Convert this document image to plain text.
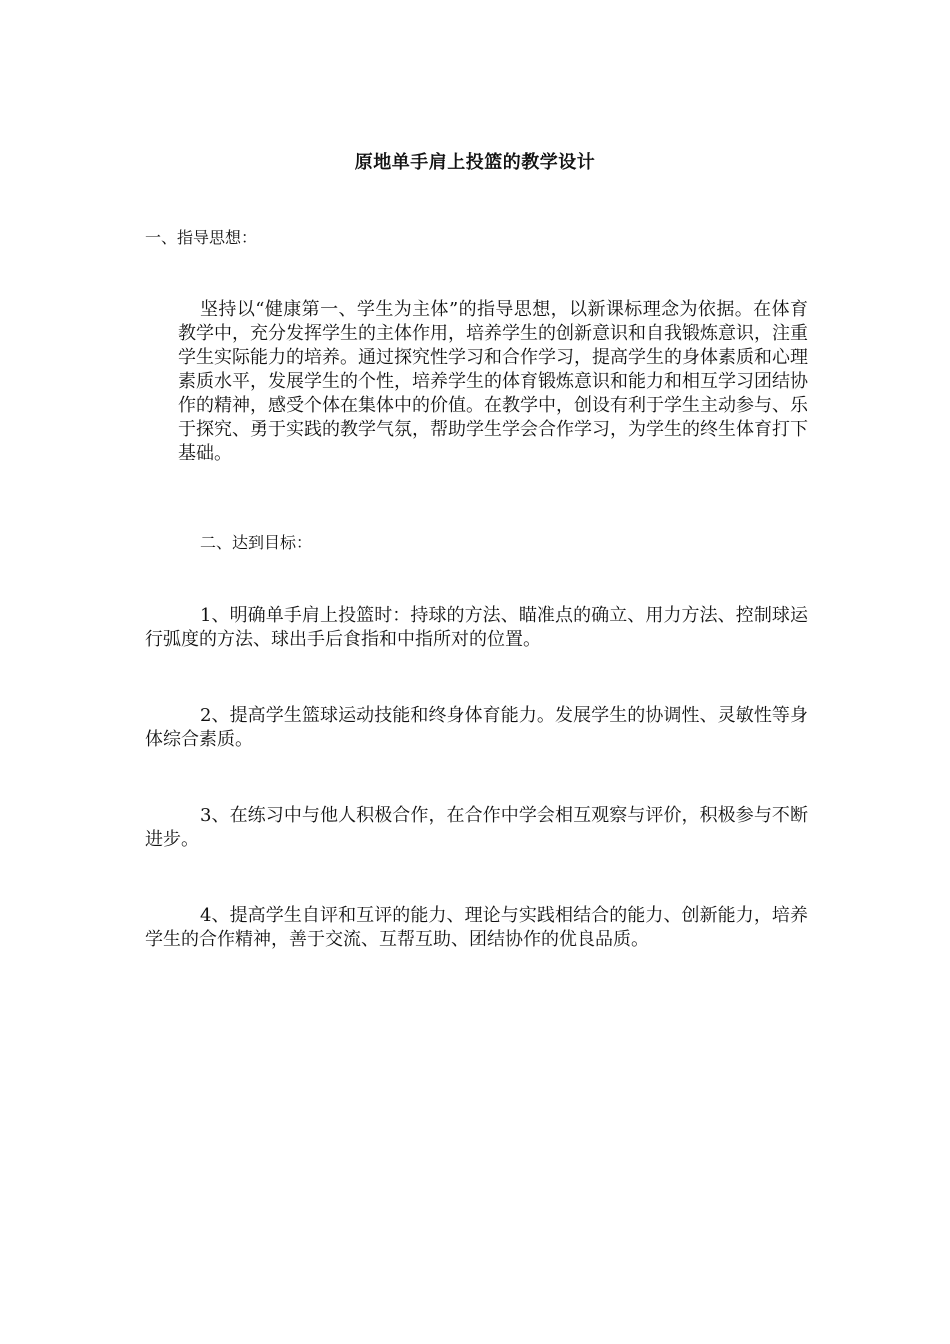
原地单手肩上投篮的教学设计
一、指导思想：
坚持以“健康第一、学生为主体”的指导思想，以新课标理念为依据。在体育教学中，充分发挥学生的主体作用，培养学生的创新意识和自我锻炼意识，注重学生实际能力的培养。通过探究性学习和合作学习，提高学生的身体素质和心理素质水平，发展学生的个性，培养学生的体育锻炼意识和能力和相互学习团结协作的精神，感受个体在集体中的价值。在教学中，创设有利于学生主动参与、乐于探究、勇于实践的教学气氛，帮助学生学会合作学习，为学生的终生体育打下基础。
二、达到目标：
1、明确单手肩上投篮时：持球的方法、瞄准点的确立、用力方法、控制球运行弧度的方法、球出手后食指和中指所对的位置。
2、提高学生篮球运动技能和终身体育能力。发展学生的协调性、灵敏性等身体综合素质。
3、在练习中与他人积极合作，在合作中学会相互观察与评价，积极参与不断进步。
4、提高学生自评和互评的能力、理论与实践相结合的能力、创新能力，培养学生的合作精神，善于交流、互帮互助、团结协作的优良品质。
